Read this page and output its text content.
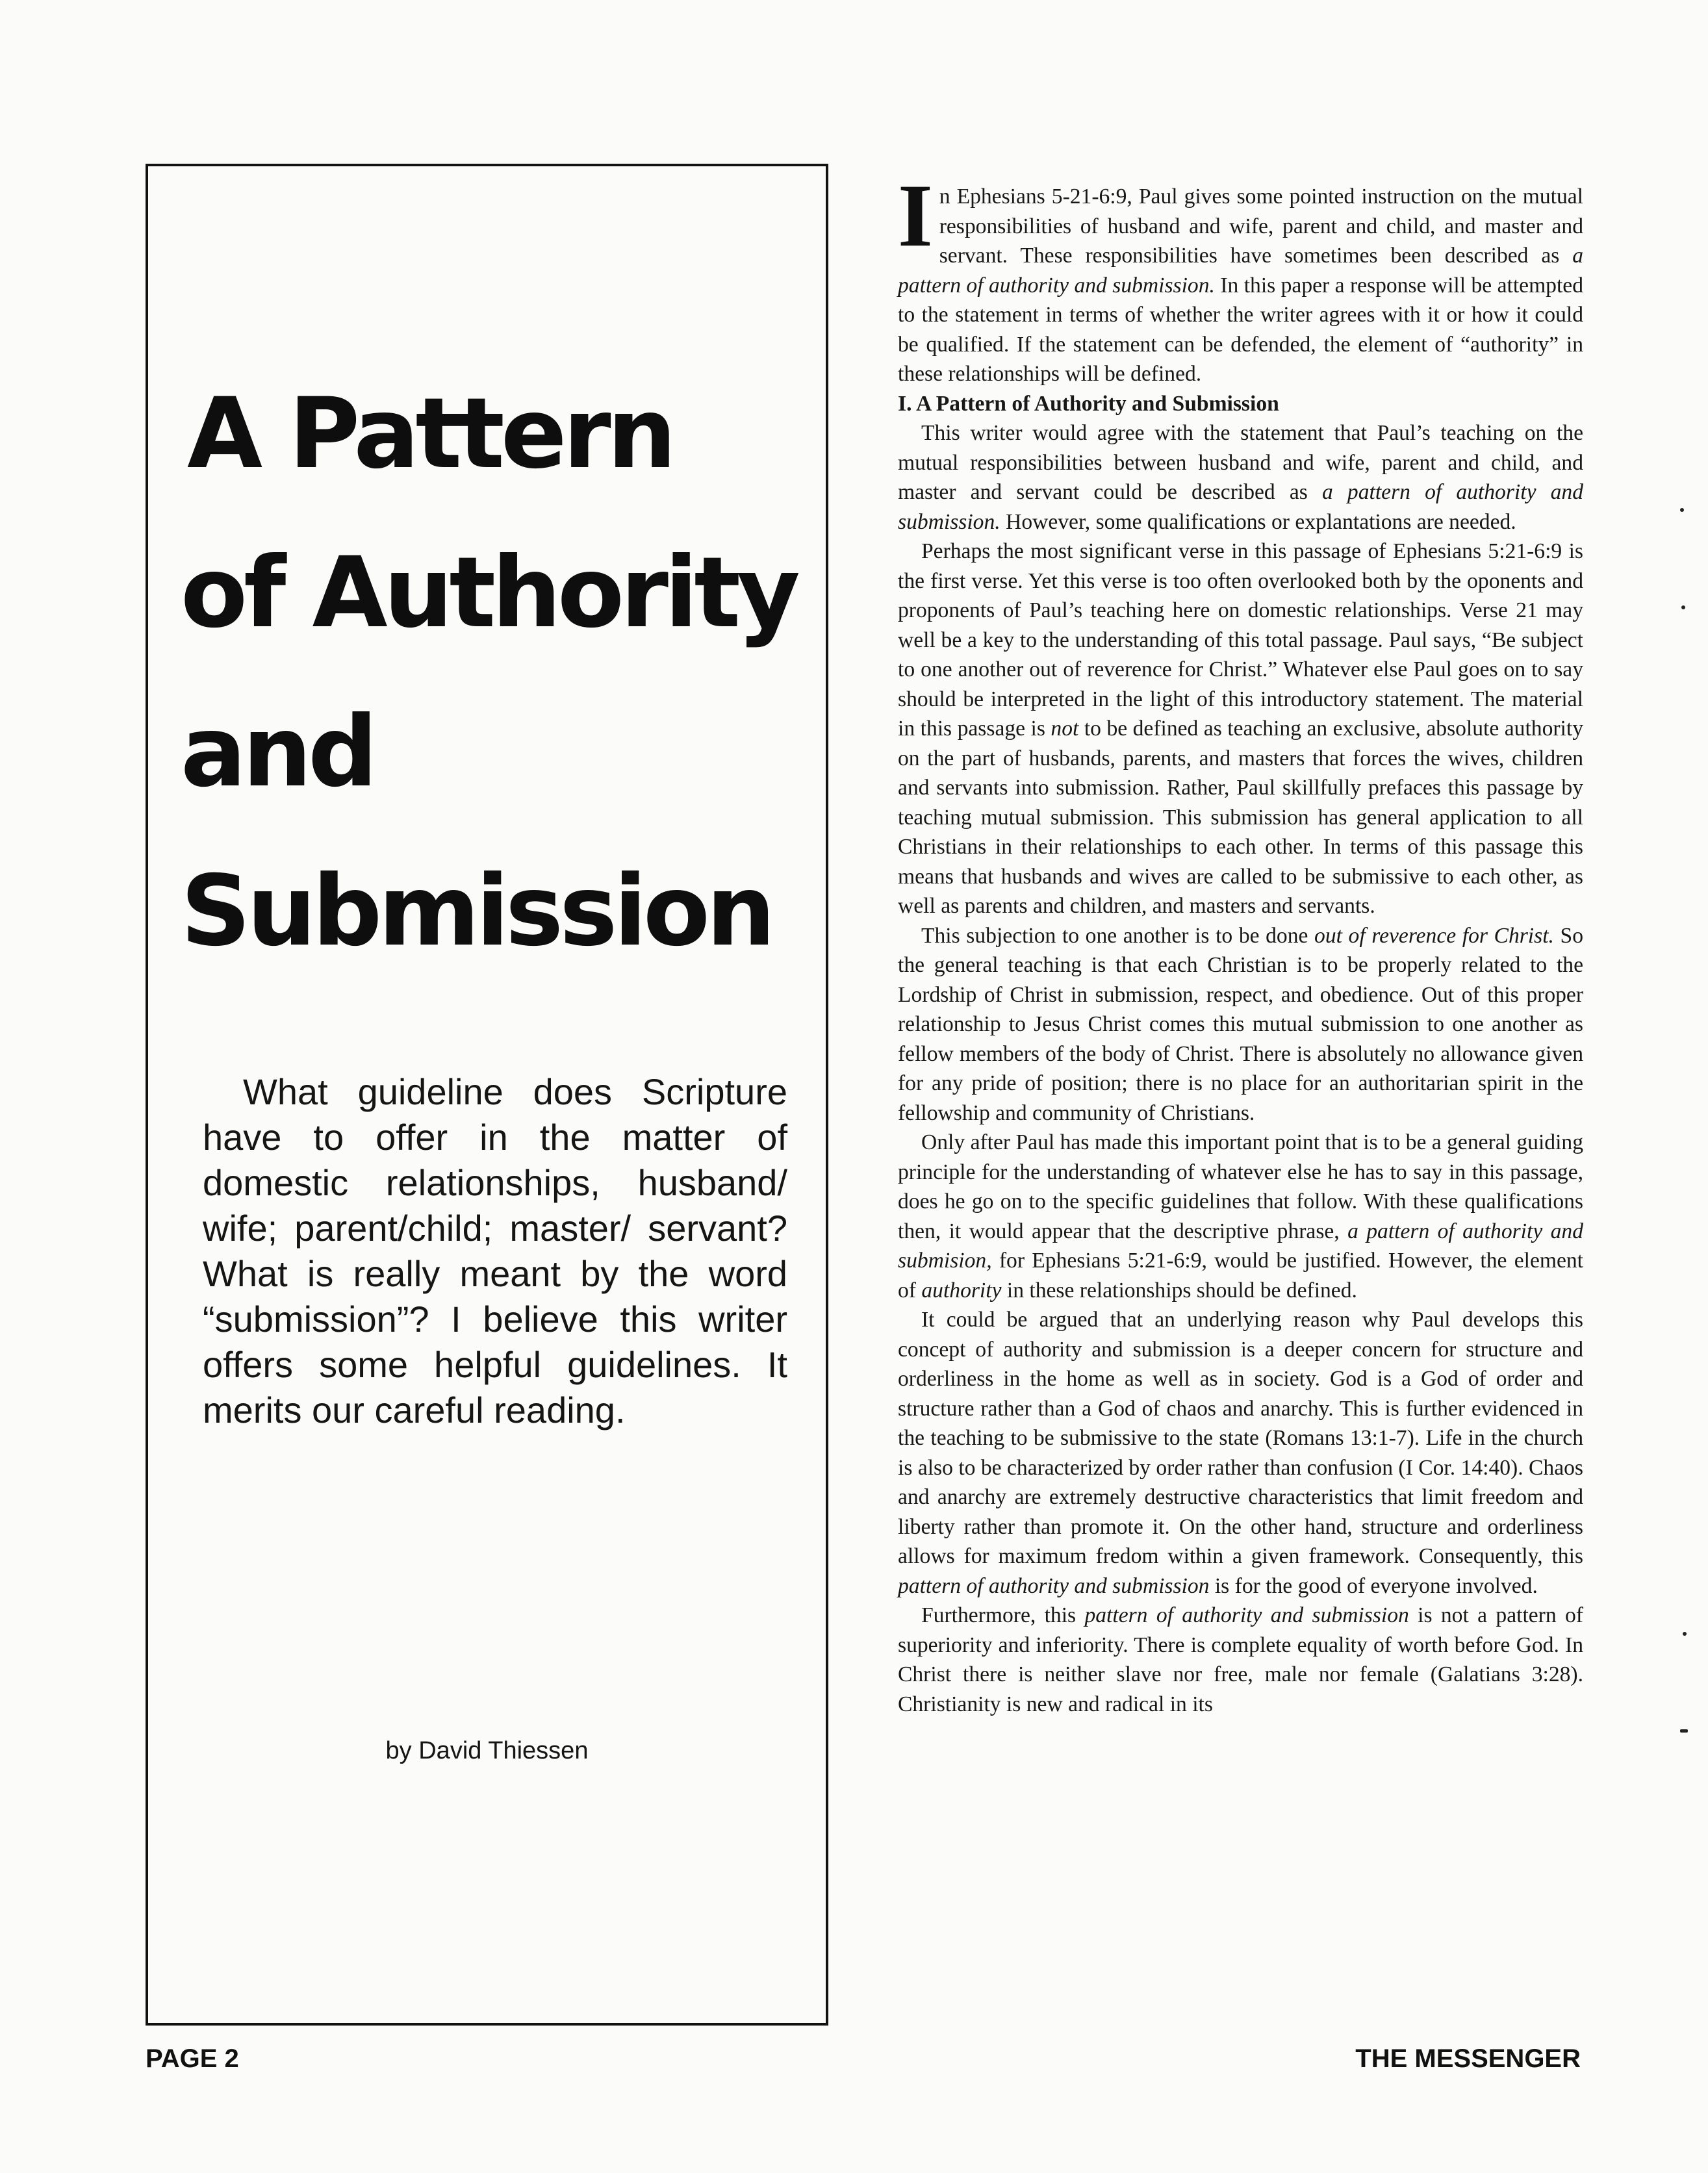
A Pattern
of Authority
and
Submission

What guideline does Scripture have to offer in the matter of domestic relationships, husband/ wife; parent/child; master/ servant? What is really meant by the word “submission”? I believe this writer offers some helpful guidelines. It merits our careful reading.

by David Thiessen

In Ephesians 5-21-6:9, Paul gives some pointed instruction on the mutual responsibilities of husband and wife, parent and child, and master and servant. These responsibilities have sometimes been described as a pattern of authority and submission. In this paper a response will be attempted to the statement in terms of whether the writer agrees with it or how it could be qualified. If the statement can be defended, the element of “authority” in these relationships will be defined.

I. A Pattern of Authority and Submission

This writer would agree with the statement that Paul’s teaching on the mutual responsibilities between husband and wife, parent and child, and master and servant could be described as a pattern of authority and submission. However, some qualifications or explantations are needed.

Perhaps the most significant verse in this passage of Ephesians 5:21-6:9 is the first verse. Yet this verse is too often overlooked both by the oponents and proponents of Paul’s teaching here on domestic relationships. Verse 21 may well be a key to the understanding of this total passage. Paul says, “Be subject to one another out of reverence for Christ.” Whatever else Paul goes on to say should be interpreted in the light of this introductory statement. The material in this passage is not to be defined as teaching an exclusive, absolute authority on the part of husbands, parents, and masters that forces the wives, children and servants into submission. Rather, Paul skillfully prefaces this passage by teaching mutual submission. This submission has general application to all Christians in their relationships to each other. In terms of this passage this means that husbands and wives are called to be submissive to each other, as well as parents and children, and masters and servants.

This subjection to one another is to be done out of reverence for Christ. So the general teaching is that each Christian is to be properly related to the Lordship of Christ in submission, respect, and obedience. Out of this proper relationship to Jesus Christ comes this mutual submission to one another as fellow members of the body of Christ. There is absolutely no allowance given for any pride of position; there is no place for an authoritarian spirit in the fellowship and community of Christians.

Only after Paul has made this important point that is to be a general guiding principle for the understanding of whatever else he has to say in this passage, does he go on to the specific guidelines that follow. With these qualifications then, it would appear that the descriptive phrase, a pattern of authority and submision, for Ephesians 5:21-6:9, would be justified. However, the element of authority in these relationships should be defined.

It could be argued that an underlying reason why Paul develops this concept of authority and submission is a deeper concern for structure and orderliness in the home as well as in society. God is a God of order and structure rather than a God of chaos and anarchy. This is further evidenced in the teaching to be submissive to the state (Romans 13:1-7). Life in the church is also to be characterized by order rather than confusion (I Cor. 14:40). Chaos and anarchy are extremely destructive characteristics that limit freedom and liberty rather than promote it. On the other hand, structure and orderliness allows for maximum fredom within a given framework. Consequently, this pattern of authority and submission is for the good of everyone involved.

Furthermore, this pattern of authority and submission is not a pattern of superiority and inferiority. There is complete equality of worth before God. In Christ there is neither slave nor free, male nor female (Galatians 3:28). Christianity is new and radical in its

PAGE 2	THE MESSENGER
